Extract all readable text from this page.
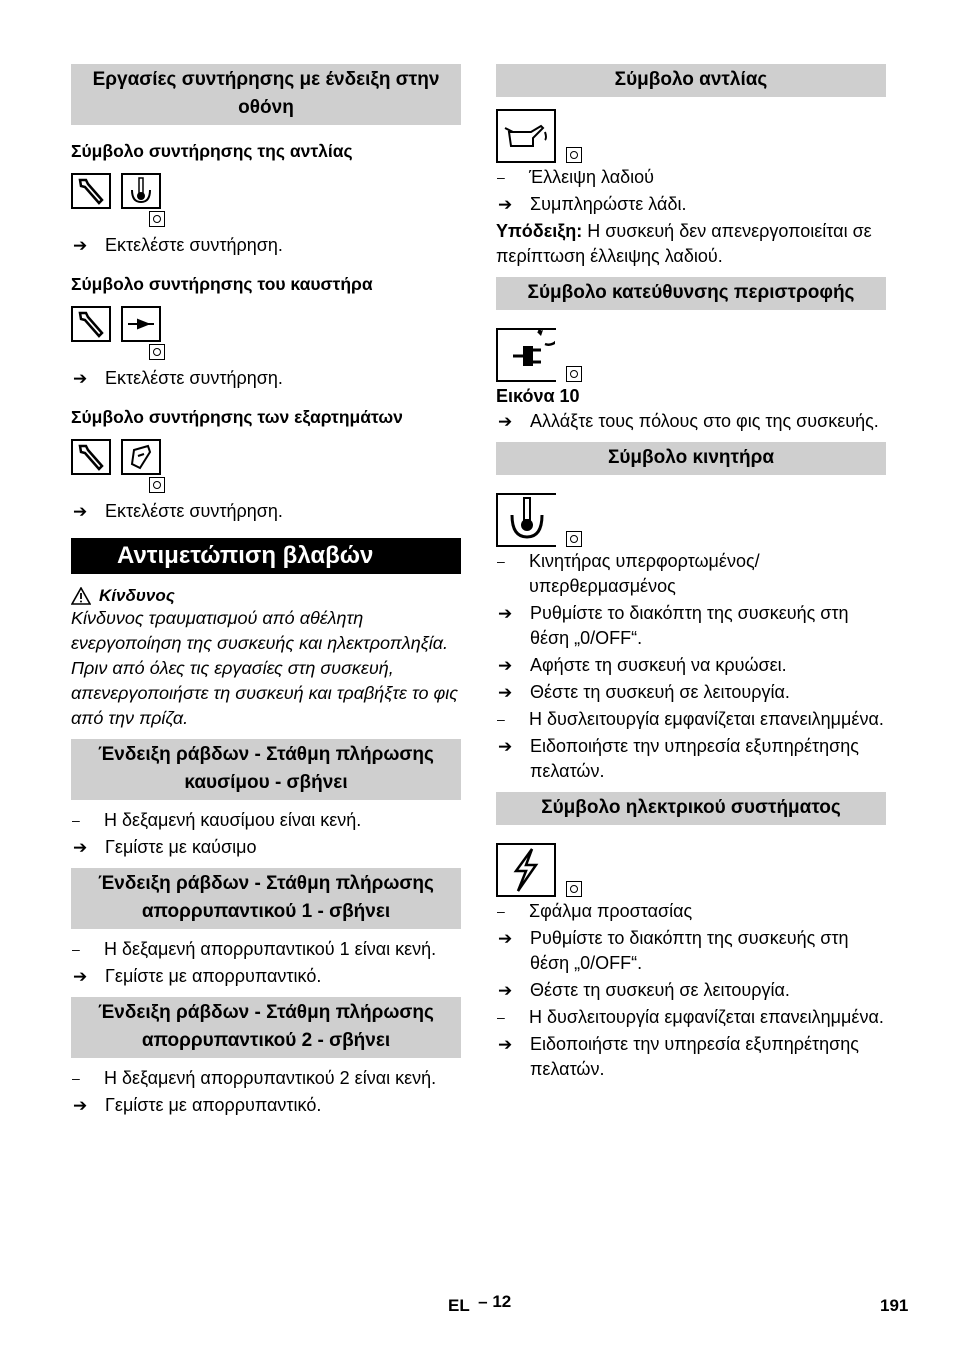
Εργασίες συντήρησης με ένδειξη στην οθόνη
Σύμβολο συντήρησης της αντλίας
➔ Εκτελέστε συντήρηση.
Σύμβολο συντήρησης του καυστήρα
➔ Εκτελέστε συντήρηση.
Σύμβολο συντήρησης των εξαρτημάτων
➔ Εκτελέστε συντήρηση.
Αντιμετώπιση βλαβών
Κίνδυνος
Κίνδυνος τραυματισμού από αθέλητη ενεργοποίηση της συσκευής και ηλεκτροπληξία.
Πριν από όλες τις εργασίες στη συσκευή, απενεργοποιήστε τη συσκευή και τραβήξτε το φις από την πρίζα.
Ένδειξη ράβδων - Στάθμη πλήρωσης καυσίμου - σβήνει
–	Η δεξαμενή καυσίμου είναι κενή.
➔ Γεμίστε με καύσιμο
Ένδειξη ράβδων - Στάθμη πλήρωσης απορρυπαντικού 1 - σβήνει
–	Η δεξαμενή απορρυπαντικού 1 είναι κενή.
➔ Γεμίστε με απορρυπαντικό.
Ένδειξη ράβδων - Στάθμη πλήρωσης απορρυπαντικού 2 - σβήνει
–	Η δεξαμενή απορρυπαντικού 2 είναι κενή.
➔ Γεμίστε με απορρυπαντικό.
Σύμβολο αντλίας
–	Έλλειψη λαδιού
➔ Συμπληρώστε λάδι.
Υπόδειξη: Η συσκευή δεν απενεργοποιείται σε περίπτωση έλλειψης λαδιού.
Σύμβολο κατεύθυνσης περιστροφής
Εικόνα 10
➔ Αλλάξτε τους πόλους στο φις της συσκευής.
Σύμβολο κινητήρα
–	Κινητήρας υπερφορτωμένος/ υπερθερμασμένος
➔ Ρυθμίστε το διακόπτη της συσκευής στη θέση „0/OFF“.
➔ Αφήστε τη συσκευή να κρυώσει.
➔ Θέστε τη συσκευή σε λειτουργία.
–	Η δυσλειτουργία εμφανίζεται επανειλημμένα.
➔ Ειδοποιήστε την υπηρεσία εξυπηρέτησης πελατών.
Σύμβολο ηλεκτρικού συστήματος
–	Σφάλμα προστασίας
➔ Ρυθμίστε το διακόπτη της συσκευής στη θέση „0/OFF“.
➔ Θέστε τη συσκευή σε λειτουργία.
–	Η δυσλειτουργία εμφανίζεται επανειλημμένα.
➔ Ειδοποιήστε την υπηρεσία εξυπηρέτησης πελατών.
EL – 12	191
